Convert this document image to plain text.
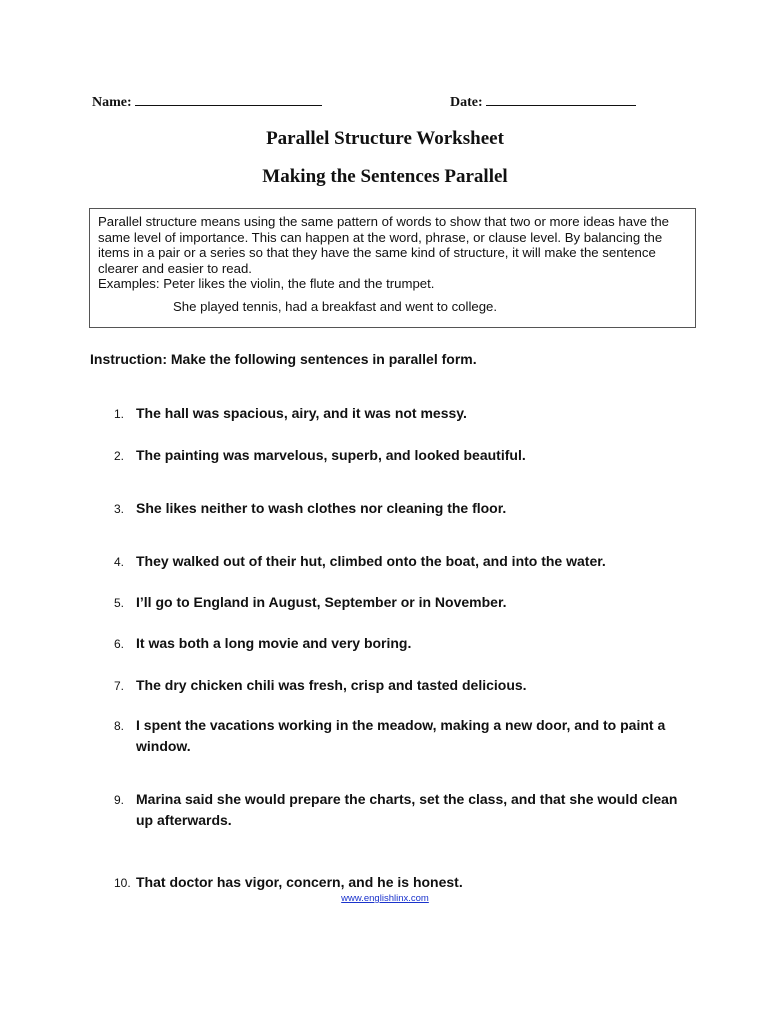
Name:	Date:
Parallel Structure Worksheet
Making the Sentences Parallel

Parallel structure means using the same pattern of words to show that two or more ideas have the same level of importance. This can happen at the word, phrase, or clause level. By balancing the items in a pair or a series so that they have the same kind of structure, it will make the sentence clearer and easier to read.

Examples: Peter likes the violin, the flute and the trumpet.

She played tennis, had a breakfast and went to college.

Instruction: Make the following sentences in parallel form.
1. The hall was spacious, airy, and it was not messy.
2. The painting was marvelous, superb, and looked beautiful.
3. She likes neither to wash clothes nor cleaning the floor.
4. They walked out of their hut, climbed onto the boat, and into the water.
5. I’ll go to England in August, September or in November.
6. It was both a long movie and very boring.
7. The dry chicken chili was fresh, crisp and tasted delicious.
8. I spent the vacations working in the meadow, making a new door, and to paint a window.
9. Marina said she would prepare the charts, set the class, and that she would clean up afterwards.
10. That doctor has vigor, concern, and he is honest.
www.englishlinx.com
